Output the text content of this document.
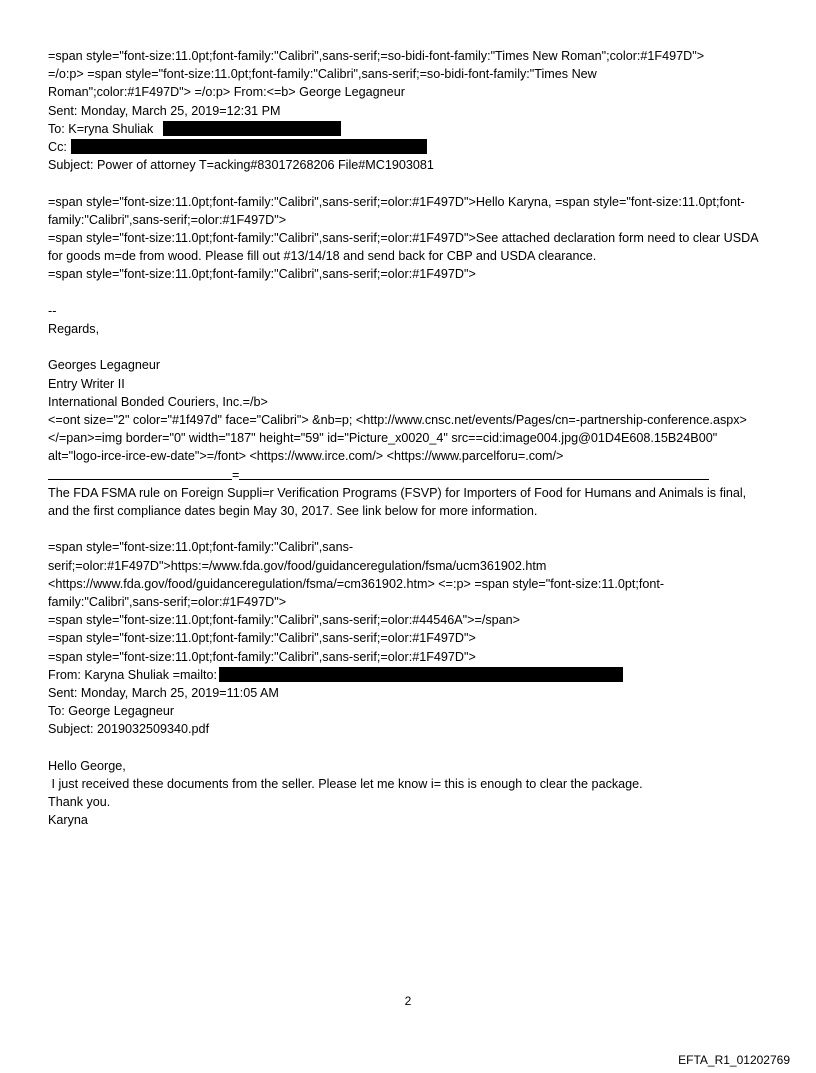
=span style="font-size:11.0pt;font-family:"Calibri",sans-serif;=so-bidi-font-family:"Times New Roman";color:#1F497D">
=/o:p> =span style="font-size:11.0pt;font-family:"Calibri",sans-serif;=so-bidi-font-family:"Times New
Roman";color:#1F497D"> =/o:p> From:<=b> George Legagneur
Sent: Monday, March 25, 2019=12:31 PM
To: K=ryna Shuliak
Cc:
Subject: Power of attorney T=acking#83017268206 File#MC1903081
=span style="font-size:11.0pt;font-family:"Calibri",sans-serif;=olor:#1F497D">Hello Karyna, =span style="font-size:11.0pt;font-family:"Calibri",sans-serif;=olor:#1F497D">
=span style="font-size:11.0pt;font-family:"Calibri",sans-serif;=olor:#1F497D">See attached declaration form need to clear USDA for goods m=de from wood. Please fill out #13/14/18 and send back for CBP and USDA clearance.
=span style="font-size:11.0pt;font-family:"Calibri",sans-serif;=olor:#1F497D">
--
Regards,
Georges Legagneur
Entry Writer II
International Bonded Couriers, Inc.=/b>
<=ont size="2" color="#1f497d" face="Calibri"> &nb=p; <http://www.cnsc.net/events/Pages/cn=-partnership-conference.aspx> </=pan>=img border="0" width="187" height="59" id="Picture_x0020_4" src==cid:image004.jpg@01D4E608.15B24B00" alt="logo-irce-irce-ew-date">=/font> <https://www.irce.com/> <https://www.parcelforu=.com/>
=
The FDA FSMA rule on Foreign Suppli=r Verification Programs (FSVP) for Importers of Food for Humans and Animals is final, and the first compliance dates begin May 30, 2017. See link below for more information.
=span style="font-size:11.0pt;font-family:"Calibri",sans-serif;=olor:#1F497D">https:=/www.fda.gov/food/guidanceregulation/fsma/ucm361902.htm <https://www.fda.gov/food/guidanceregulation/fsma/=cm361902.htm> <=:p> =span style="font-size:11.0pt;font-family:"Calibri",sans-serif;=olor:#1F497D">
=span style="font-size:11.0pt;font-family:"Calibri",sans-serif;=olor:#44546A">=/span>
=span style="font-size:11.0pt;font-family:"Calibri",sans-serif;=olor:#1F497D">
=span style="font-size:11.0pt;font-family:"Calibri",sans-serif;=olor:#1F497D">
From: Karyna Shuliak =mailto:
Sent: Monday, March 25, 2019=11:05 AM
To: George Legagneur
Subject: 2019032509340.pdf
Hello George,
I just received these documents from the seller. Please let me know i= this is enough to clear the package.
Thank you.
Karyna
2
EFTA_R1_01202769
